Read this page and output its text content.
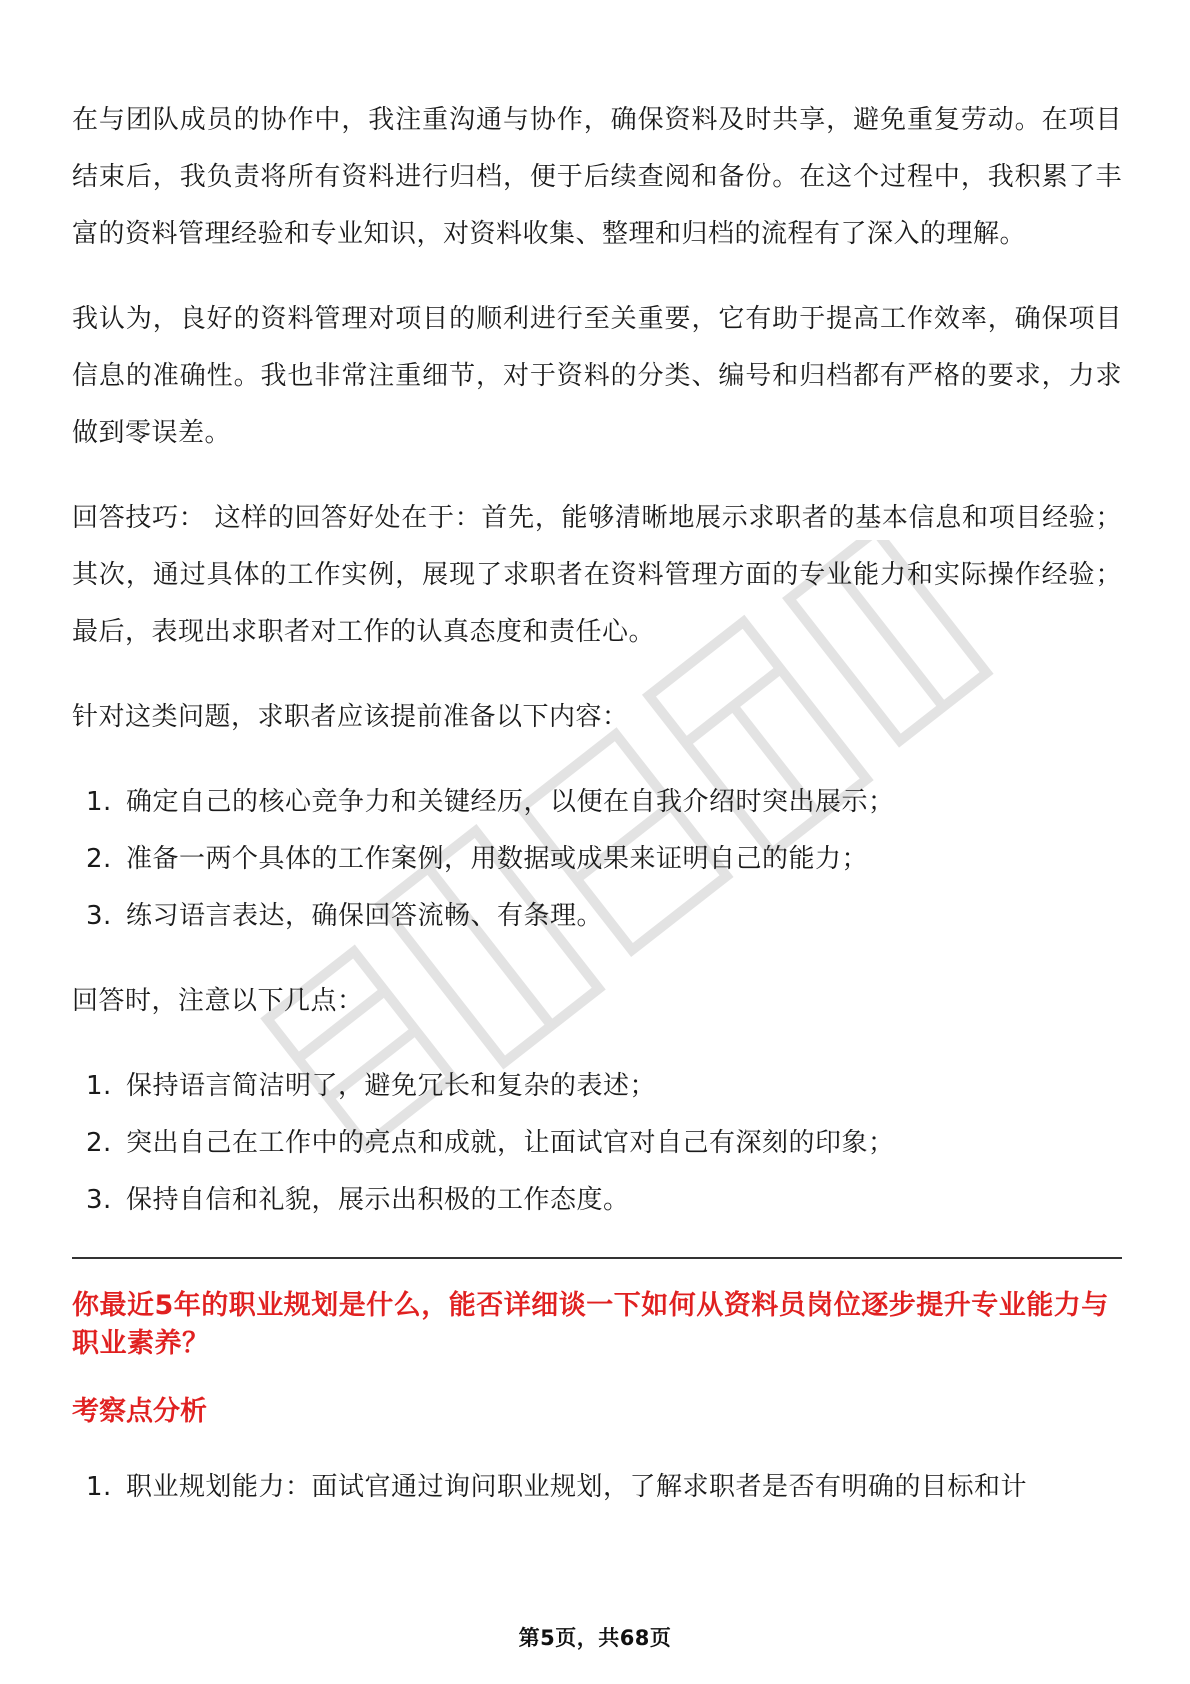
在与团队成员的协作中，我注重沟通与协作，确保资料及时共享，避免重复劳动。在项目结束后，我负责将所有资料进行归档，便于后续查阅和备份。在这个过程中，我积累了丰富的资料管理经验和专业知识，对资料收集、整理和归档的流程有了深入的理解。

我认为，良好的资料管理对项目的顺利进行至关重要，它有助于提高工作效率，确保项目信息的准确性。我也非常注重细节，对于资料的分类、编号和归档都有严格的要求，力求做到零误差。

回答技巧： 这样的回答好处在于：首先，能够清晰地展示求职者的基本信息和项目经验；其次，通过具体的工作实例，展现了求职者在资料管理方面的专业能力和实际操作经验；最后，表现出求职者对工作的认真态度和责任心。

针对这类问题，求职者应该提前准备以下内容：

1. 确定自己的核心竞争力和关键经历，以便在自我介绍时突出展示；
2. 准备一两个具体的工作案例，用数据或成果来证明自己的能力；
3. 练习语言表达，确保回答流畅、有条理。

回答时，注意以下几点：

1. 保持语言简洁明了，避免冗长和复杂的表述；
2. 突出自己在工作中的亮点和成就，让面试官对自己有深刻的印象；
3. 保持自信和礼貌，展示出积极的工作态度。

你最近5年的职业规划是什么，能否详细谈一下如何从资料员岗位逐步提升专业能力与职业素养？

考察点分析

1. 职业规划能力：面试官通过询问职业规划，了解求职者是否有明确的目标和计
第5页，共68页
